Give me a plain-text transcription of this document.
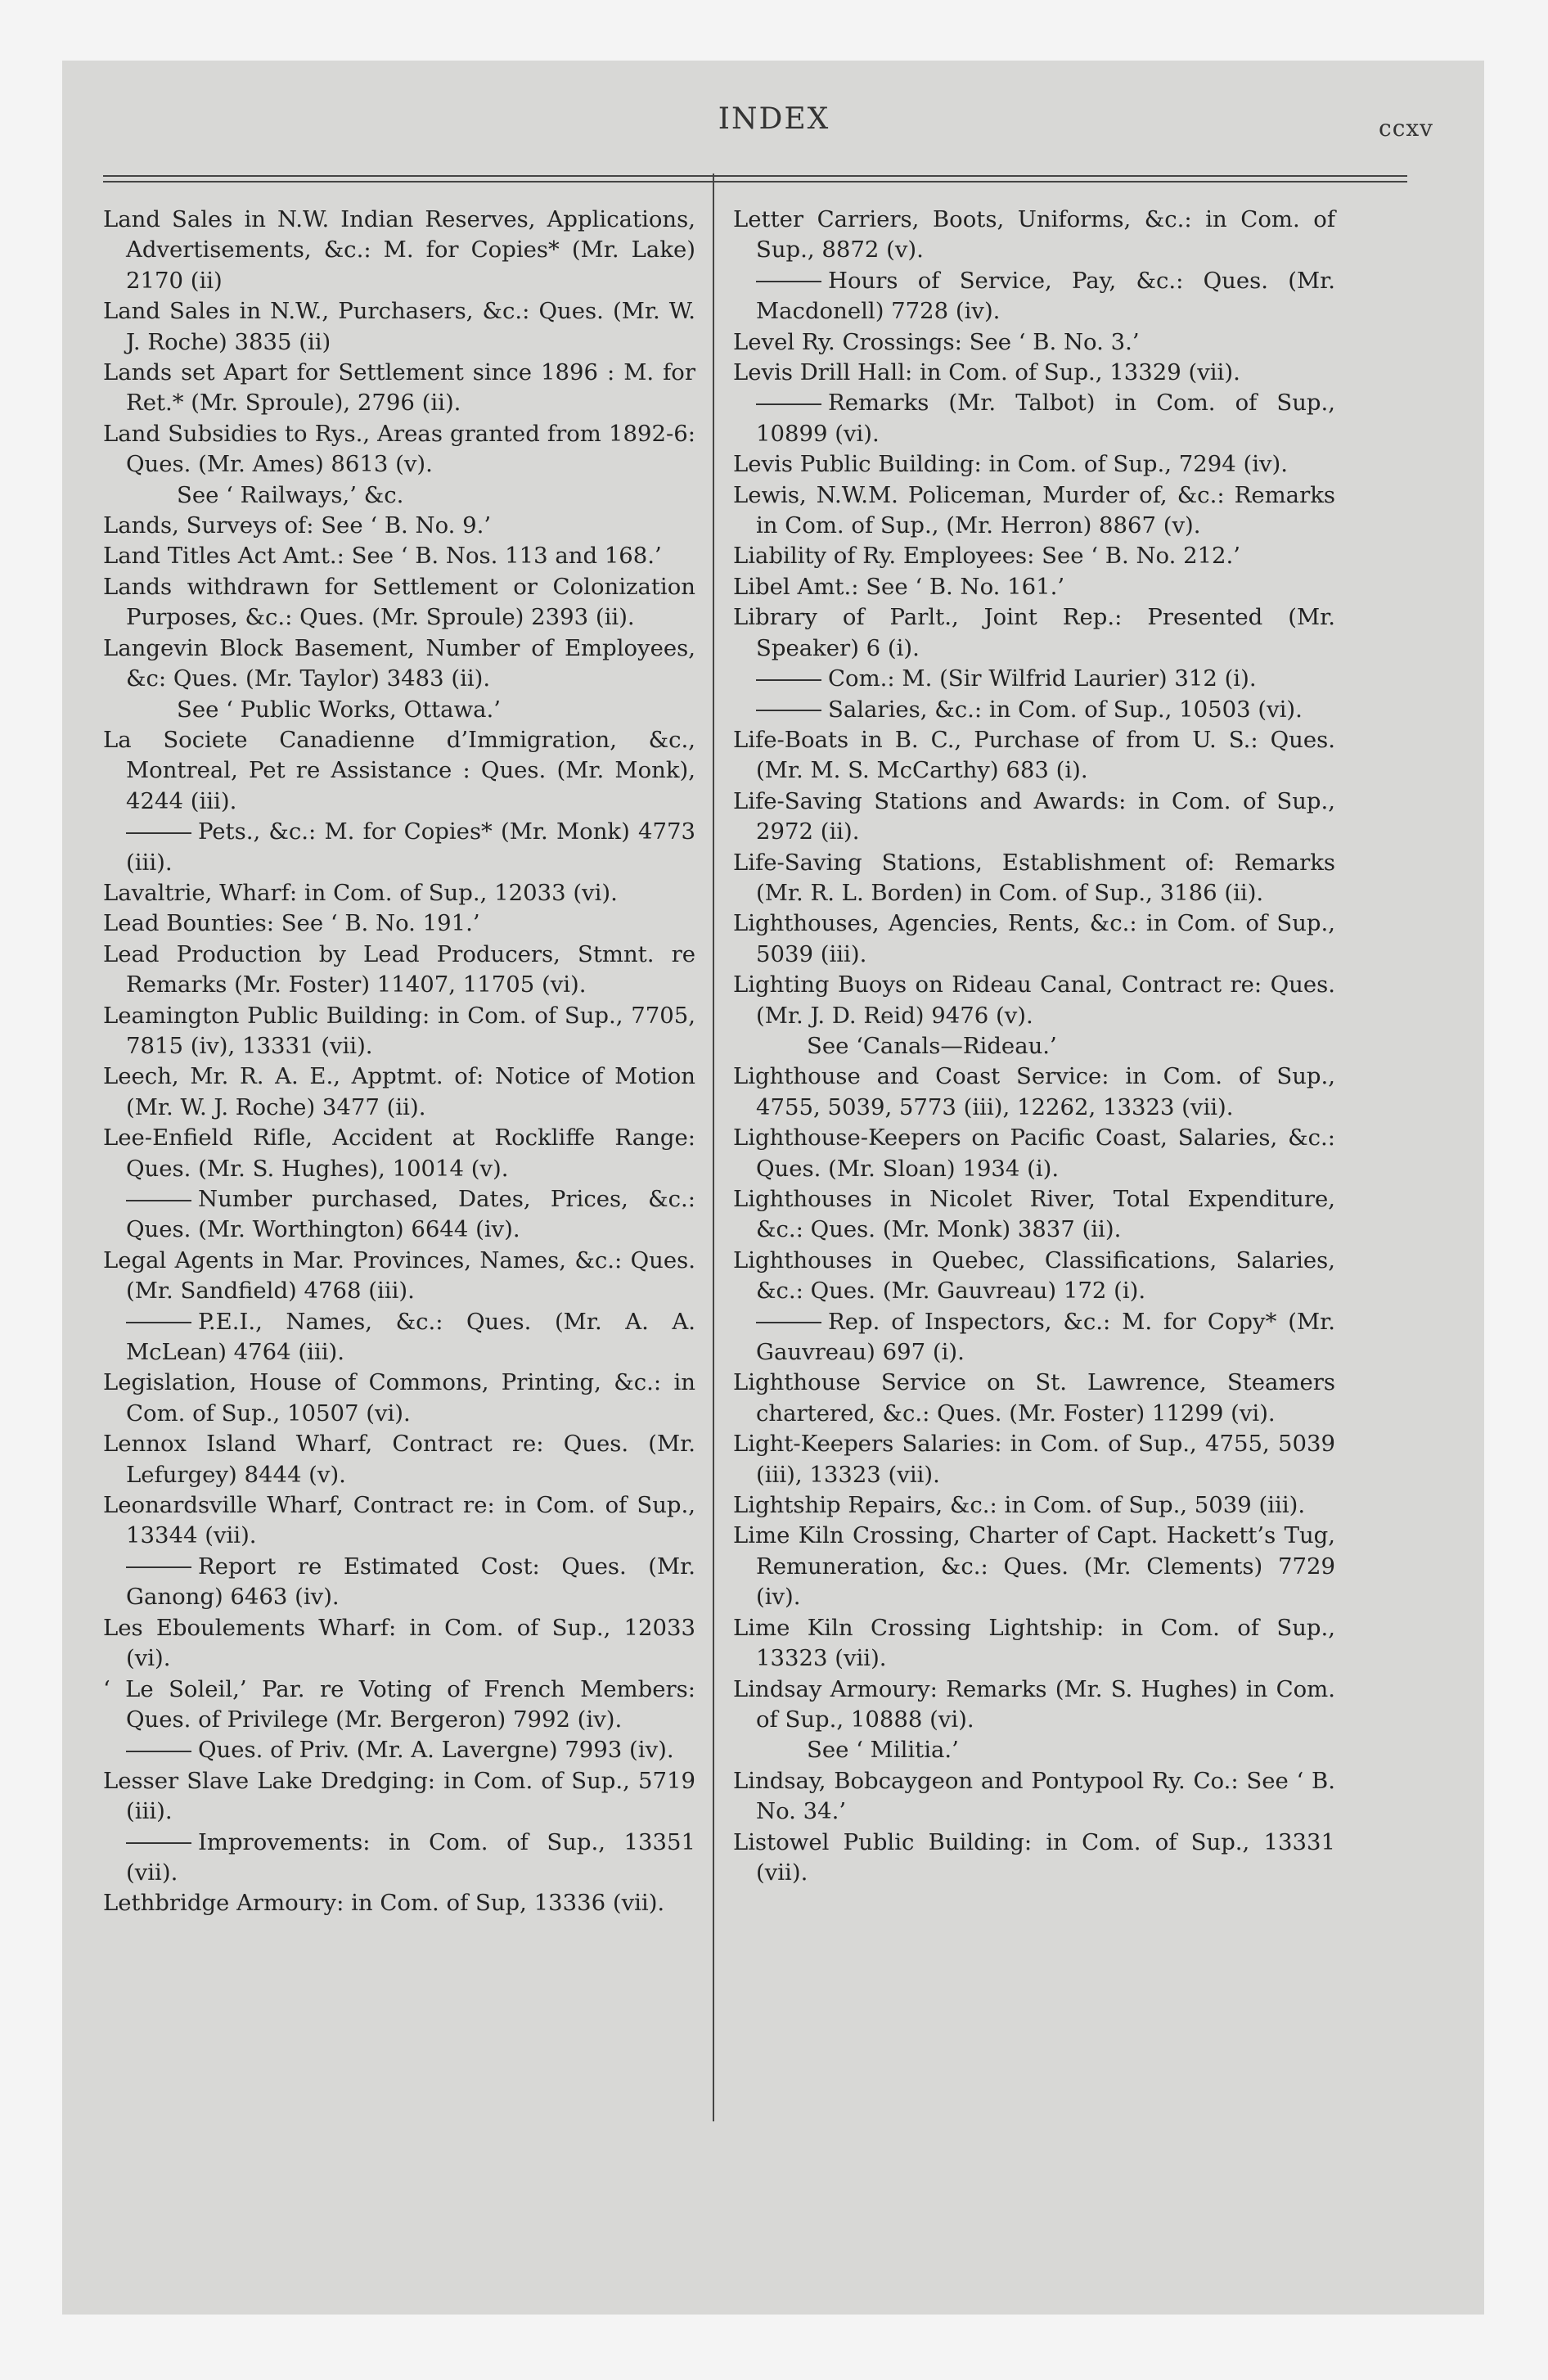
INDEX	ccxv

Land Sales in N.W. Indian Reserves, Applications, Advertisements, &c.: M. for Copies* (Mr. Lake) 2170 (ii)

Land Sales in N.W., Purchasers, &c.: Ques. (Mr. W. J. Roche) 3835 (ii)

Lands set Apart for Settlement since 1896 : M. for Ret.* (Mr. Sproule), 2796 (ii).

Land Subsidies to Rys., Areas granted from 1892-6: Ques. (Mr. Ames) 8613 (v).

See ‘ Railways,’ &c.

Lands, Surveys of: See ‘ B. No. 9.’

Land Titles Act Amt.: See ‘ B. Nos. 113 and 168.’

Lands withdrawn for Settlement or Colonization Purposes, &c.: Ques. (Mr. Sproule) 2393 (ii).

Langevin Block Basement, Number of Employees, &c: Ques. (Mr. Taylor) 3483 (ii).

See ‘ Public Works, Ottawa.’

La Societe Canadienne d’Immigration, &c., Montreal, Pet re Assistance : Ques. (Mr. Monk), 4244 (iii).

Pets., &c.: M. for Copies* (Mr. Monk) 4773 (iii).

Lavaltrie, Wharf: in Com. of Sup., 12033 (vi).

Lead Bounties: See ‘ B. No. 191.’

Lead Production by Lead Producers, Stmnt. re Remarks (Mr. Foster) 11407, 11705 (vi).

Leamington Public Building: in Com. of Sup., 7705, 7815 (iv), 13331 (vii).

Leech, Mr. R. A. E., Apptmt. of: Notice of Motion (Mr. W. J. Roche) 3477 (ii).

Lee-Enfield Rifle, Accident at Rockliffe Range: Ques. (Mr. S. Hughes), 10014 (v).

Number purchased, Dates, Prices, &c.: Ques. (Mr. Worthington) 6644 (iv).

Legal Agents in Mar. Provinces, Names, &c.: Ques. (Mr. Sandfield) 4768 (iii).

P.E.I., Names, &c.: Ques. (Mr. A. A. McLean) 4764 (iii).

Legislation, House of Commons, Printing, &c.: in Com. of Sup., 10507 (vi).

Lennox Island Wharf, Contract re: Ques. (Mr. Lefurgey) 8444 (v).

Leonardsville Wharf, Contract re: in Com. of Sup., 13344 (vii).

Report re Estimated Cost: Ques. (Mr. Ganong) 6463 (iv).

Les Eboulements Wharf: in Com. of Sup., 12033 (vi).

‘ Le Soleil,’ Par. re Voting of French Members: Ques. of Privilege (Mr. Bergeron) 7992 (iv).

Ques. of Priv. (Mr. A. Lavergne) 7993 (iv).

Lesser Slave Lake Dredging: in Com. of Sup., 5719 (iii).

Improvements: in Com. of Sup., 13351 (vii).

Lethbridge Armoury: in Com. of Sup, 13336 (vii).

Letter Carriers, Boots, Uniforms, &c.: in Com. of Sup., 8872 (v).

Hours of Service, Pay, &c.: Ques. (Mr. Macdonell) 7728 (iv).

Level Ry. Crossings: See ‘ B. No. 3.’

Levis Drill Hall: in Com. of Sup., 13329 (vii).

Remarks (Mr. Talbot) in Com. of Sup., 10899 (vi).

Levis Public Building: in Com. of Sup., 7294 (iv).

Lewis, N.W.M. Policeman, Murder of, &c.: Remarks in Com. of Sup., (Mr. Herron) 8867 (v).

Liability of Ry. Employees: See ‘ B. No. 212.’

Libel Amt.: See ‘ B. No. 161.’

Library of Parlt., Joint Rep.: Presented (Mr. Speaker) 6 (i).

Com.: M. (Sir Wilfrid Laurier) 312 (i).

Salaries, &c.: in Com. of Sup., 10503 (vi).

Life-Boats in B. C., Purchase of from U. S.: Ques. (Mr. M. S. McCarthy) 683 (i).

Life-Saving Stations and Awards: in Com. of Sup., 2972 (ii).

Life-Saving Stations, Establishment of: Remarks (Mr. R. L. Borden) in Com. of Sup., 3186 (ii).

Lighthouses, Agencies, Rents, &c.: in Com. of Sup., 5039 (iii).

Lighting Buoys on Rideau Canal, Contract re: Ques. (Mr. J. D. Reid) 9476 (v).

See ‘Canals—Rideau.’

Lighthouse and Coast Service: in Com. of Sup., 4755, 5039, 5773 (iii), 12262, 13323 (vii).

Lighthouse-Keepers on Pacific Coast, Salaries, &c.: Ques. (Mr. Sloan) 1934 (i).

Lighthouses in Nicolet River, Total Expenditure, &c.: Ques. (Mr. Monk) 3837 (ii).

Lighthouses in Quebec, Classifications, Salaries, &c.: Ques. (Mr. Gauvreau) 172 (i).

Rep. of Inspectors, &c.: M. for Copy* (Mr. Gauvreau) 697 (i).

Lighthouse Service on St. Lawrence, Steamers chartered, &c.: Ques. (Mr. Foster) 11299 (vi).

Light-Keepers Salaries: in Com. of Sup., 4755, 5039 (iii), 13323 (vii).

Lightship Repairs, &c.: in Com. of Sup., 5039 (iii).

Lime Kiln Crossing, Charter of Capt. Hackett’s Tug, Remuneration, &c.: Ques. (Mr. Clements) 7729 (iv).

Lime Kiln Crossing Lightship: in Com. of Sup., 13323 (vii).

Lindsay Armoury: Remarks (Mr. S. Hughes) in Com. of Sup., 10888 (vi).

See ‘ Militia.’

Lindsay, Bobcaygeon and Pontypool Ry. Co.: See ‘ B. No. 34.’

Listowel Public Building: in Com. of Sup., 13331 (vii).
